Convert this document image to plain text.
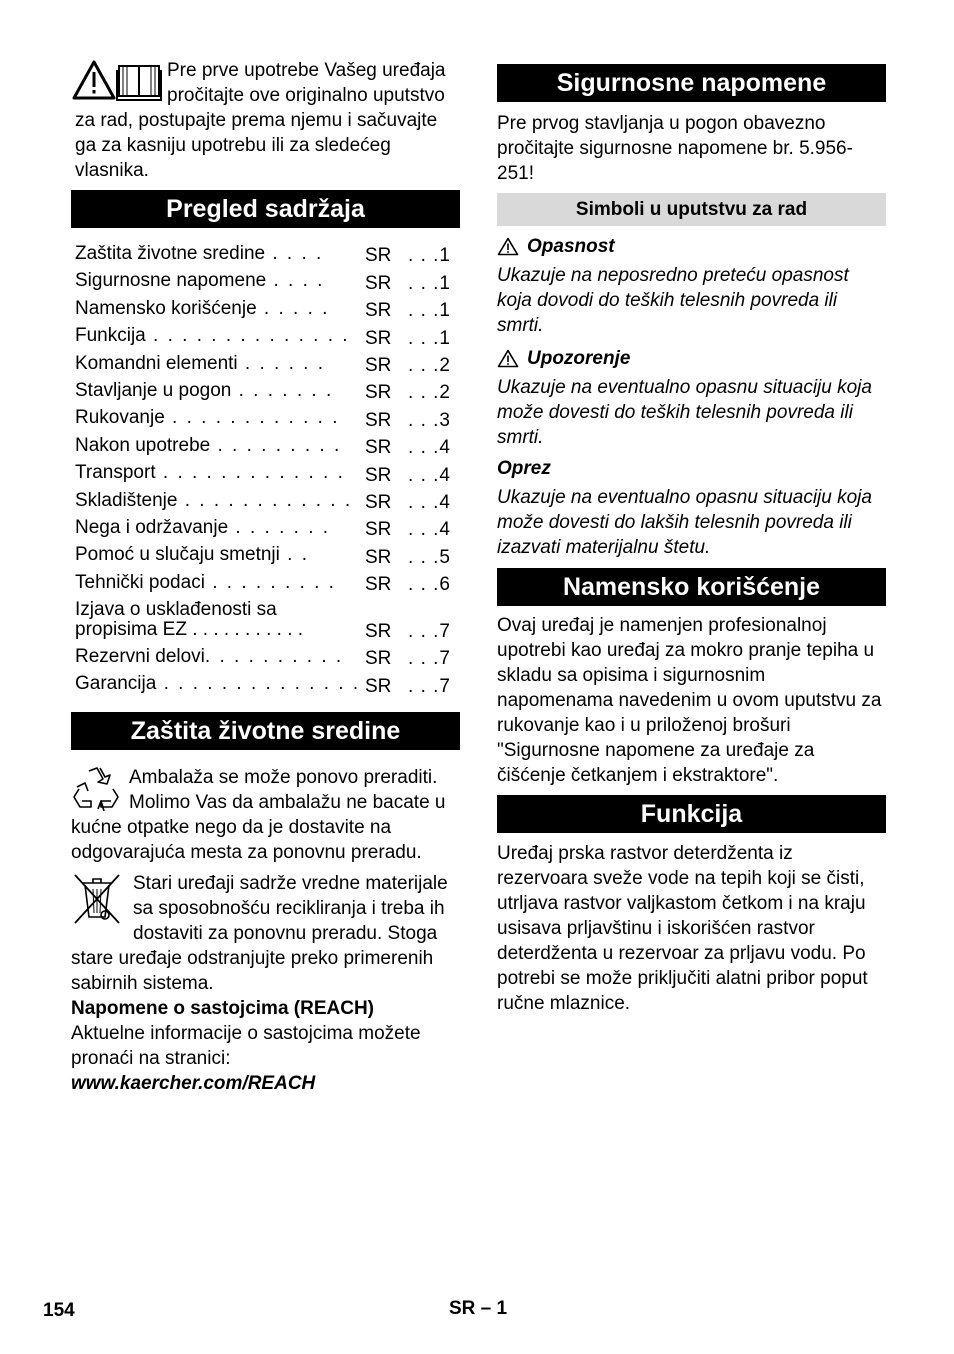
Pre prve upotrebe Vašeg uređaja pročitajte ove originalno uputstvo za rad, postupajte prema njemu i sačuvajte ga za kasniju upotrebu ili za sledećeg vlasnika.

Pregled sadržaja
Zaštita životne sredine . . . .	SR . . .1
Sigurnosne napomene . . . .	SR . . .1
Namensko korišćenje . . . . . SR . . .1
Funkcija . . . . . . . . . . . . . . SR . . .1
Komandni elementi . . . . . .	SR . . .2
Stavljanje u pogon . . . . . . . SR . . .2
Rukovanje . . . . . . . . . . . . SR . . .3
Nakon upotrebe . . . . . . . . . SR . . .4
Transport . . . . . . . . . . . . . SR . . .4
Skladištenje . . . . . . . . . . . . SR . . .4
Nega i održavanje . . . . . . . SR . . .4
Pomoć u slučaju smetnji . .	SR . . .5
Tehnički podaci . . . . . . . . . SR . . .6
Izjava o usklađenosti sa
propisima EZ . . . . . . . . . . .	SR . . .7
Rezervni delovi. . . . . . . . . . SR . . .7
Garancija . . . . . . . . . . . . . . SR . . .7
Zaštita životne sredine

Ambalaža se može ponovo preraditi. Molimo Vas da ambalažu ne bacate u kućne otpatke nego da je dostavite na odgovarajuća mesta za ponovnu preradu.

Stari uređaji sadrže vredne materijale sa sposobnošću recikliranja i treba ih dostaviti za ponovnu preradu. Stoga stare uređaje odstranjujte preko primerenih sabirnih sistema.

Napomene o sastojcima (REACH)

Aktuelne informacije o sastojcima možete pronaći na stranici:

www.kaercher.com/REACH

Sigurnosne napomene

Pre prvog stavljanja u pogon obavezno pročitajte sigurnosne napomene br. 5.956-251!

Simboli u uputstvu za rad
Opasnost

Ukazuje na neposredno preteću opasnost koja dovodi do teških telesnih povreda ili smrti.

Upozorenje

Ukazuje na eventualno opasnu situaciju koja može dovesti do teških telesnih povreda ili smrti.

Oprez

Ukazuje na eventualno opasnu situaciju koja može dovesti do lakših telesnih povreda ili izazvati materijalnu štetu.

Namensko korišćenje

Ovaj uređaj je namenjen profesionalnoj upotrebi kao uređaj za mokro pranje tepiha u skladu sa opisima i sigurnosnim napomenama navedenim u ovom uputstvu za rukovanje kao i u priloženoj brošuri "Sigurnosne napomene za uređaje za čišćenje četkanjem i ekstraktore".

Funkcija

Uređaj prska rastvor deterdženta iz rezervoara sveže vode na tepih koji se čisti, utrljava rastvor valjkastom četkom i na kraju usisava prljavštinu i iskorišćen rastvor deterdženta u rezervoar za prljavu vodu. Po potrebi se može priključiti alatni pribor poput ručne mlaznice.

154	SR – 1
